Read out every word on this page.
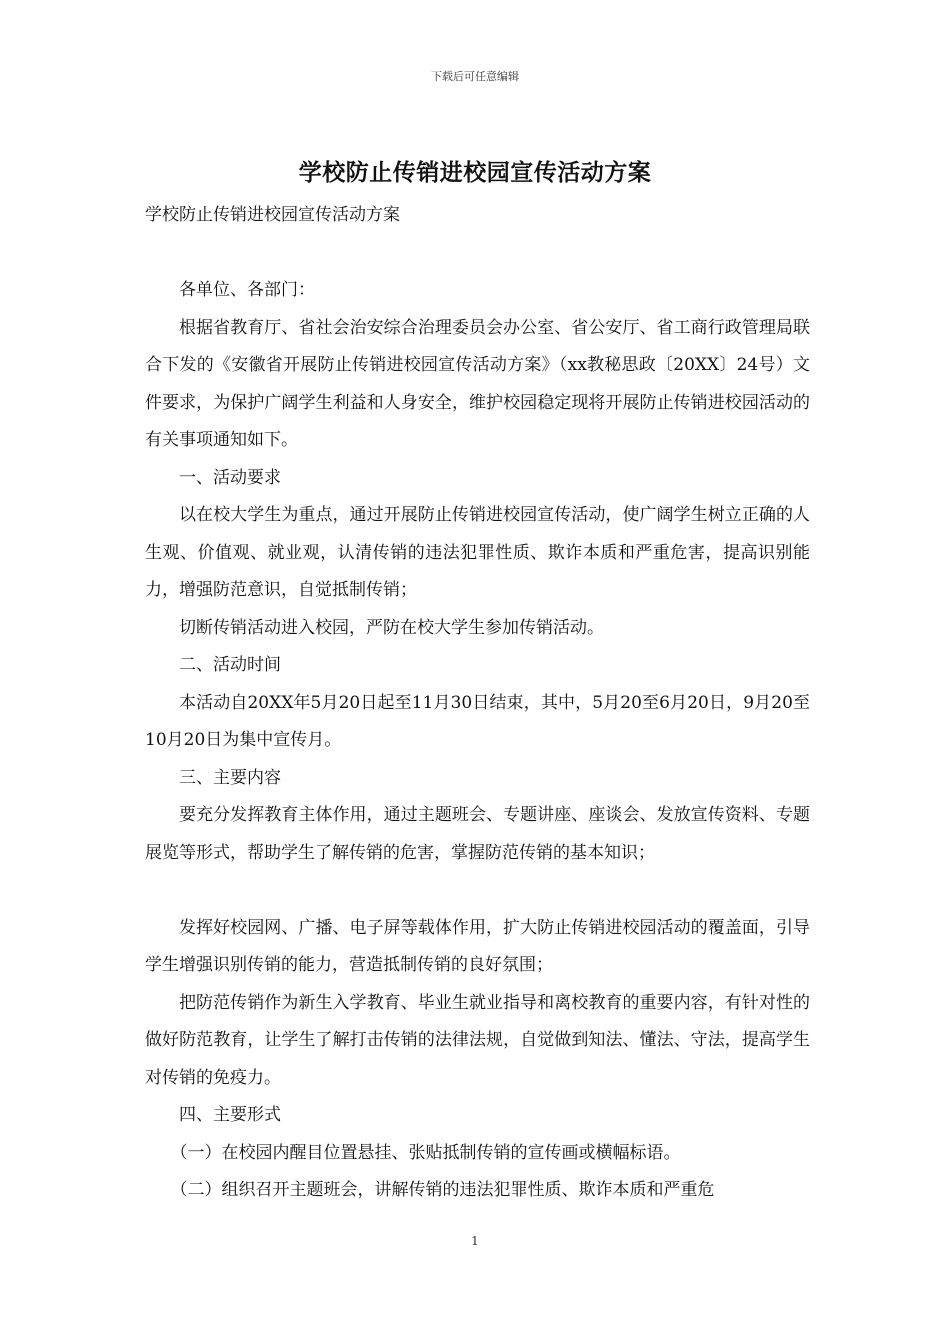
下载后可任意编辑
学校防止传销进校园宣传活动方案
学校防止传销进校园宣传活动方案

各单位、各部门：

根据省教育厅、省社会治安综合治理委员会办公室、省公安厅、省工商行政管理局联合下发的《安徽省开展防止传销进校园宣传活动方案》（xx教秘思政〔20XX〕24号）文件要求，为保护广阔学生利益和人身安全，维护校园稳定现将开展防止传销进校园活动的有关事项通知如下。

一、活动要求

以在校大学生为重点，通过开展防止传销进校园宣传活动，使广阔学生树立正确的人生观、价值观、就业观，认清传销的违法犯罪性质、欺诈本质和严重危害，提高识别能力，增强防范意识，自觉抵制传销；

切断传销活动进入校园，严防在校大学生参加传销活动。

二、活动时间

本活动自20XX年5月20日起至11月30日结束，其中，5月20至6月20日，9月20至10月20日为集中宣传月。

三、主要内容

要充分发挥教育主体作用，通过主题班会、专题讲座、座谈会、发放宣传资料、专题展览等形式，帮助学生了解传销的危害，掌握防范传销的基本知识；

发挥好校园网、广播、电子屏等载体作用，扩大防止传销进校园活动的覆盖面，引导学生增强识别传销的能力，营造抵制传销的良好氛围；

把防范传销作为新生入学教育、毕业生就业指导和离校教育的重要内容，有针对性的做好防范教育，让学生了解打击传销的法律法规，自觉做到知法、懂法、守法，提高学生对传销的免疫力。

四、主要形式

（一）在校园内醒目位置悬挂、张贴抵制传销的宣传画或横幅标语。

（二）组织召开主题班会，讲解传销的违法犯罪性质、欺诈本质和严重危

1
